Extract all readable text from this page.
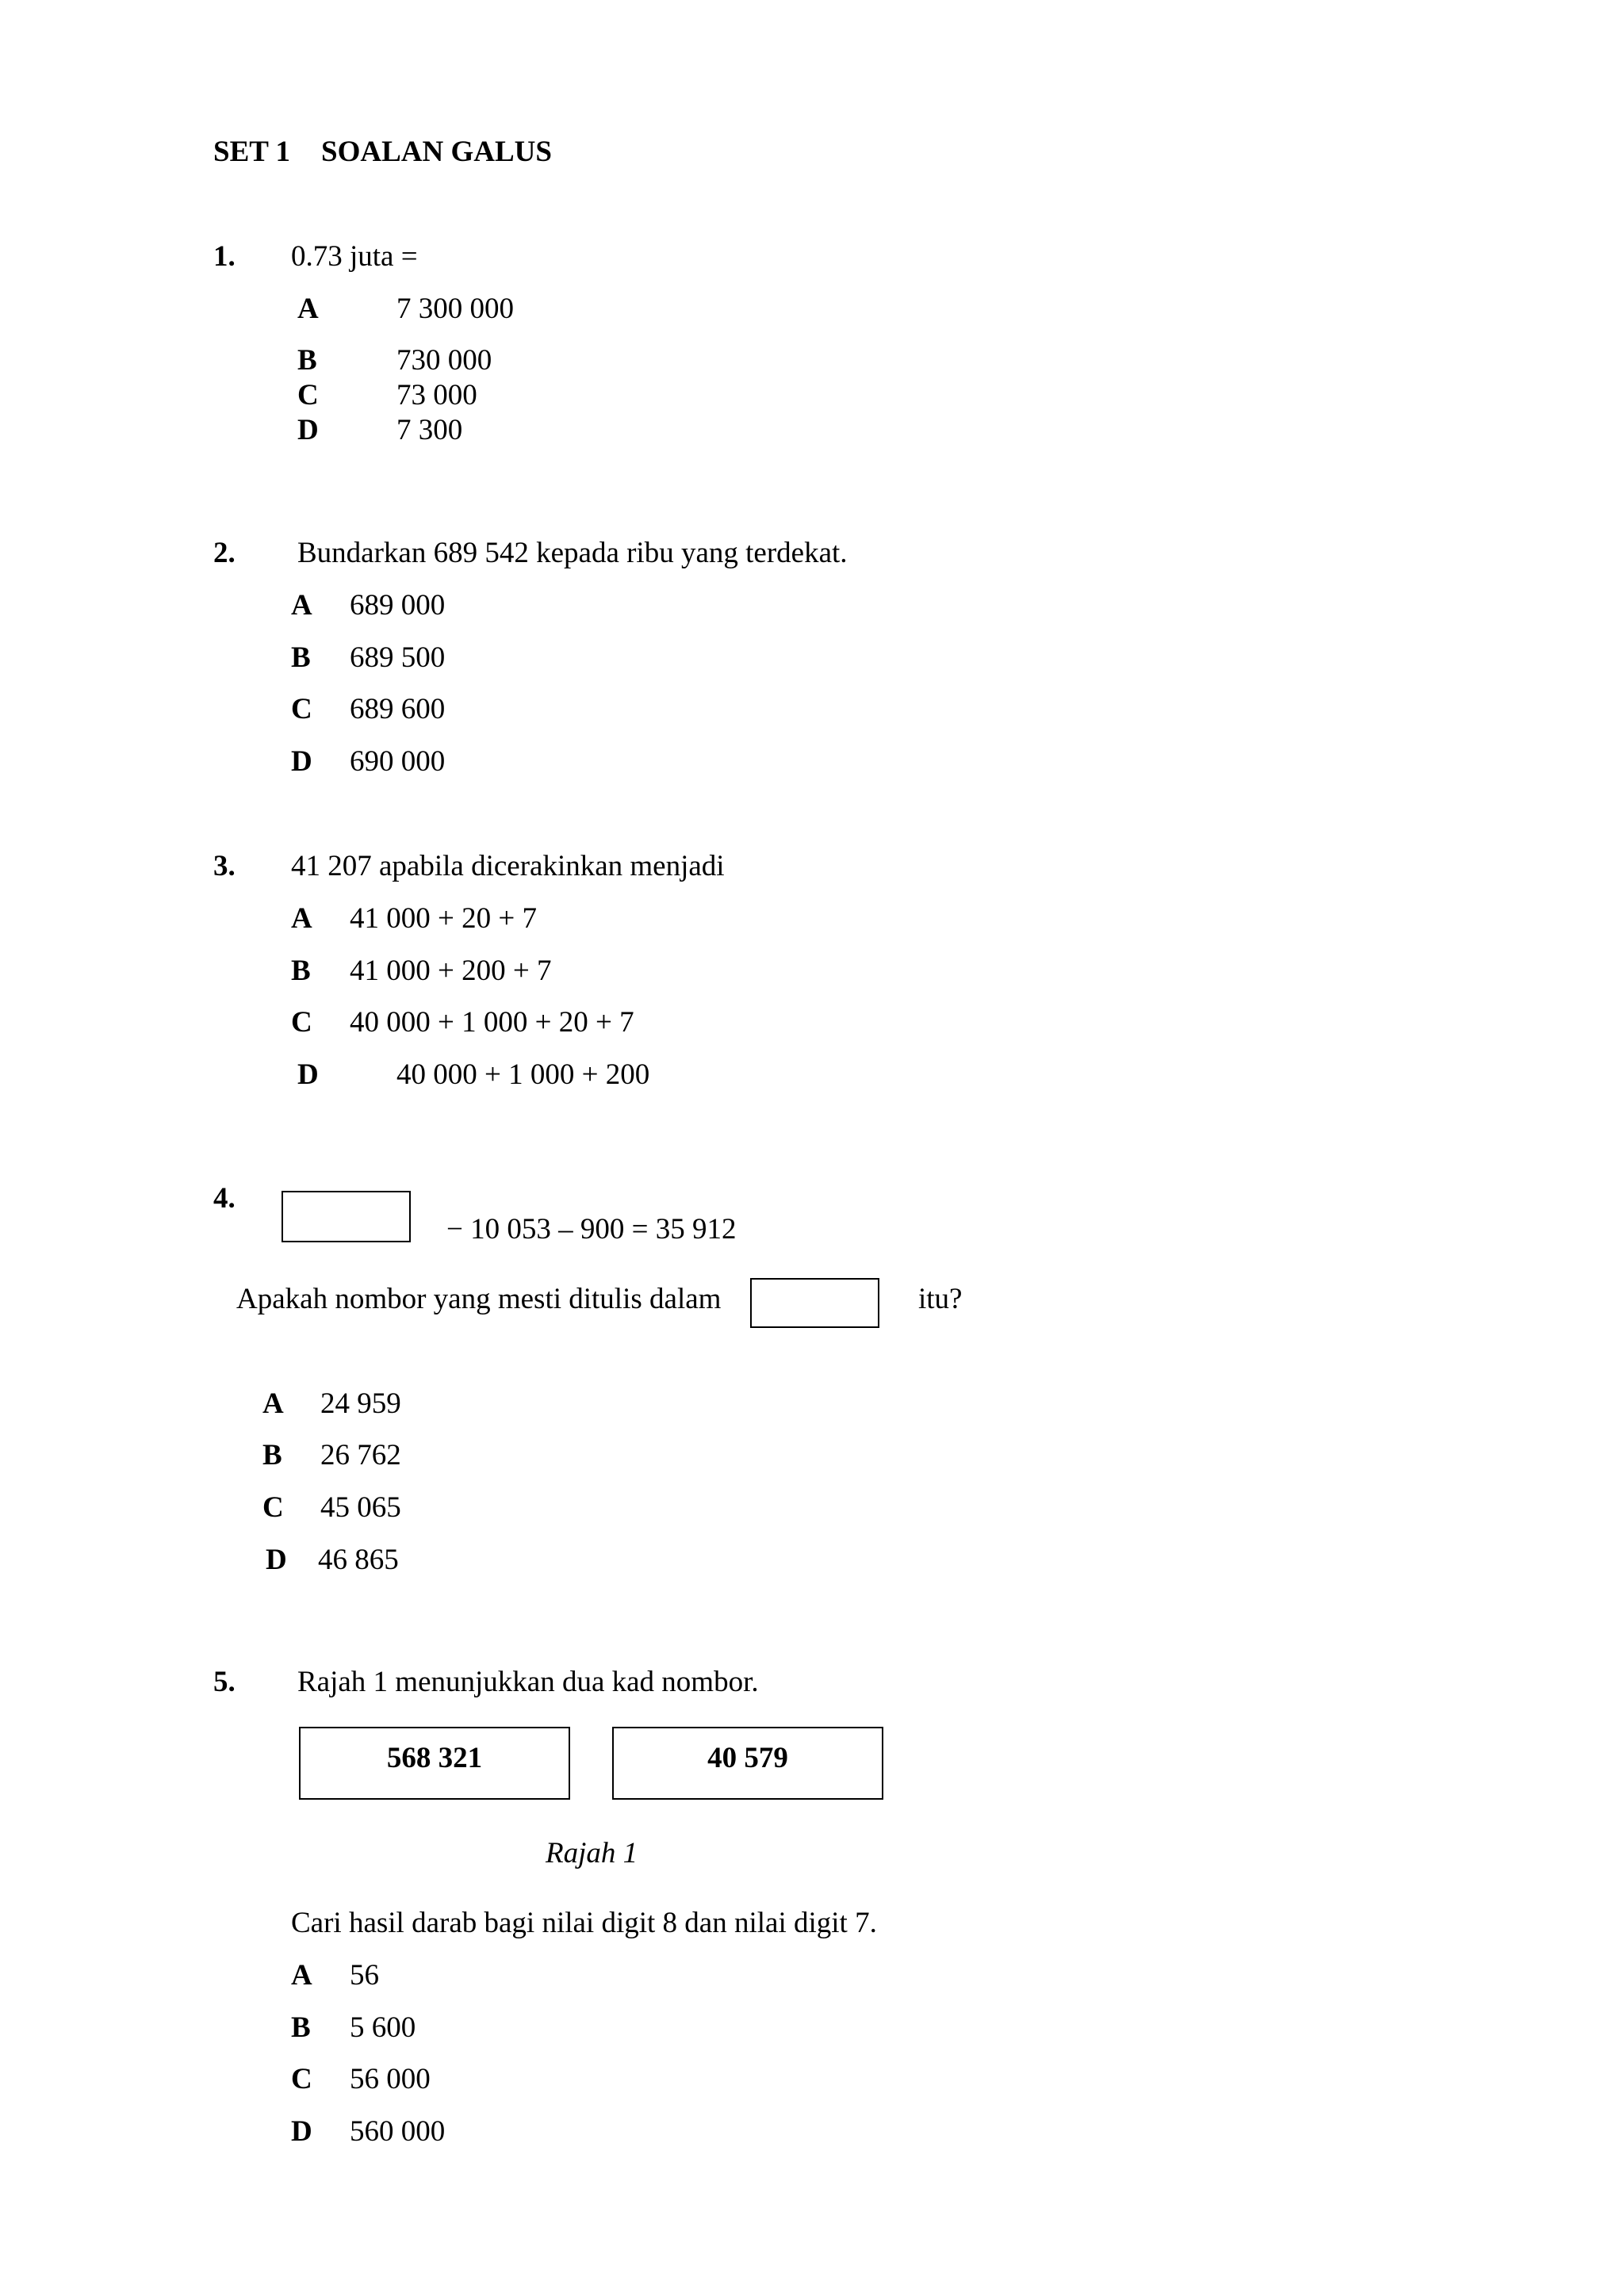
SET 1 SOALAN GALUS
1. 0.73 juta =
A	7 300 000
B	730 000
C	73 000
D	7 300
2. Bundarkan 689 542 kepada ribu yang terdekat.
A 689 000
B 689 500
C 689 600
D 690 000
3. 41 207 apabila dicerakinkan menjadi
A 41 000 + 20 + 7
B 41 000 + 200 + 7
C 40 000 + 1 000 + 20 + 7
D	40 000 + 1 000 + 200
4.
− 10 053 – 900 = 35 912
Apakah nombor yang mesti ditulis dalam	itu?
A 24 959
B 26 762
C 45 065
D 46 865
5. Rajah 1 menunjukkan dua kad nombor.
568 321	40 579
Rajah 1
Cari hasil darab bagi nilai digit 8 dan nilai digit 7.
A 56
B 5 600
C 56 000
D 560 000
